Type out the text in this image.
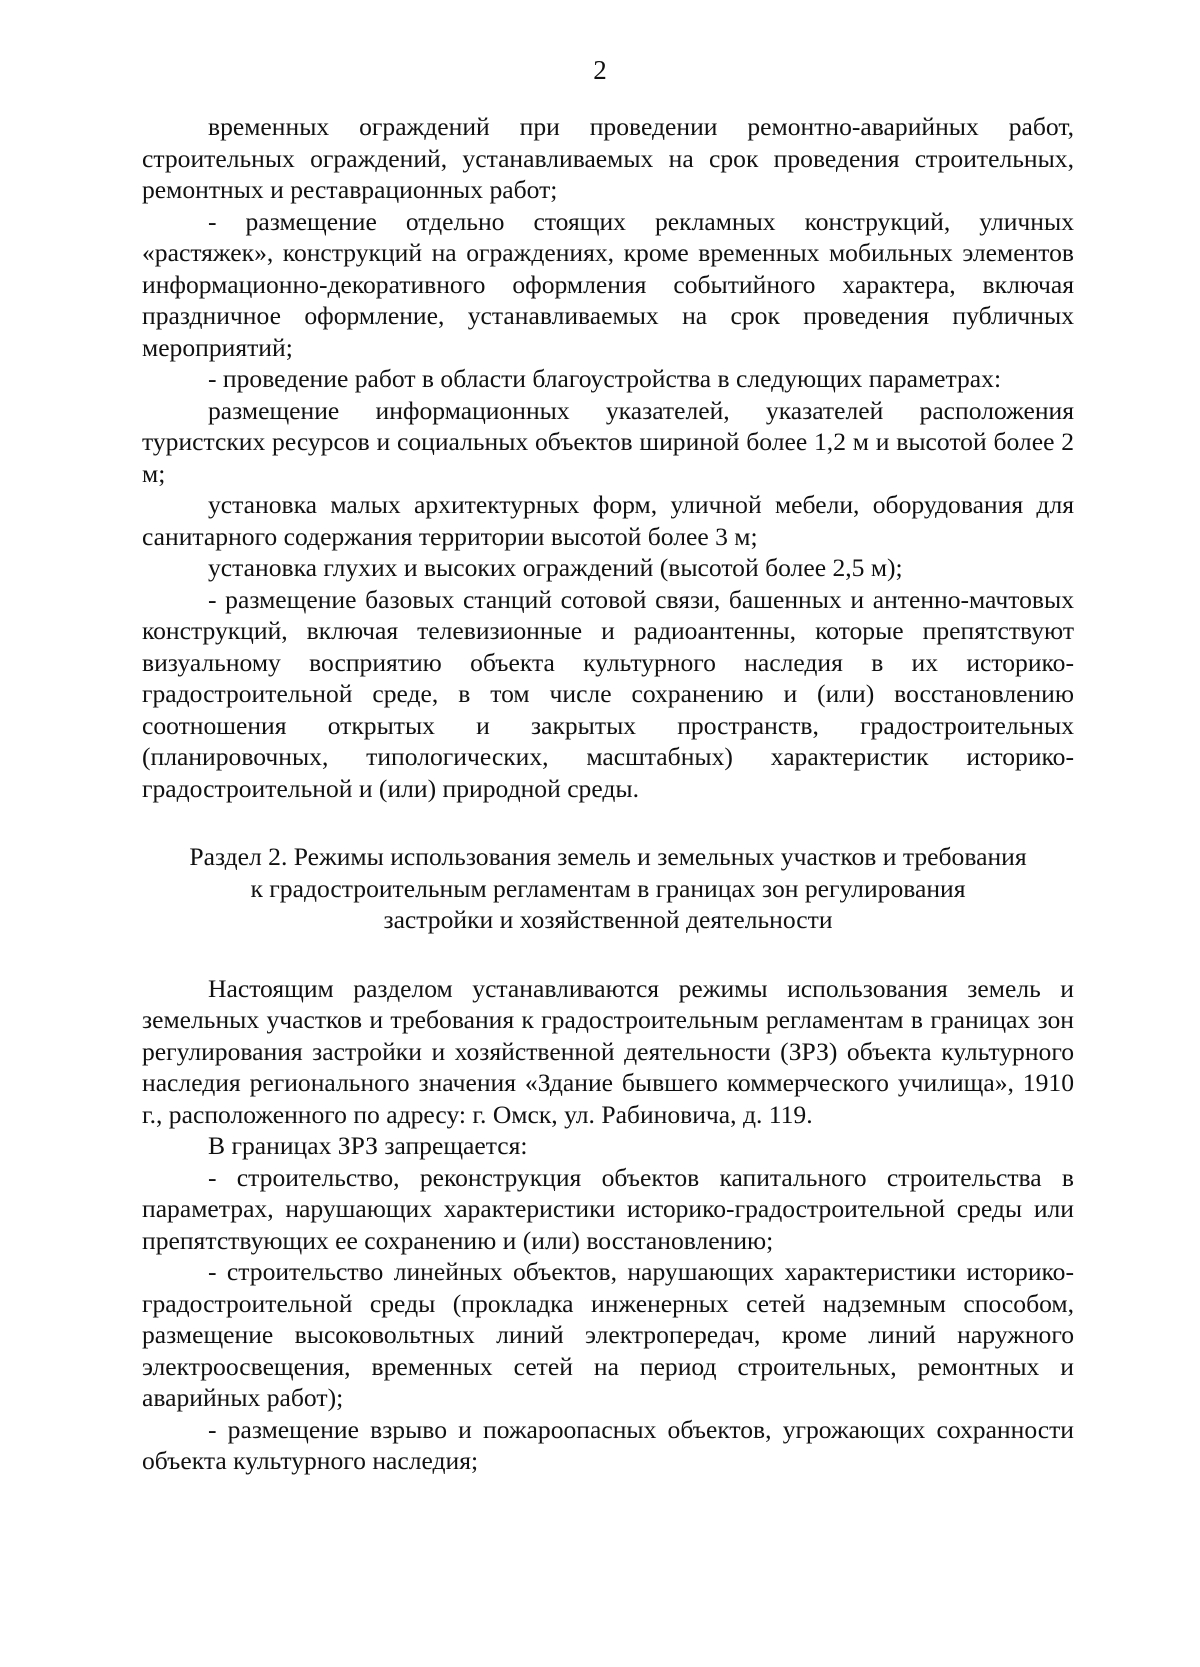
2

временных ограждений при проведении ремонтно-аварийных работ, строительных ограждений, устанавливаемых на срок проведения строительных, ремонтных и реставрационных работ;

- размещение отдельно стоящих рекламных конструкций, уличных «растяжек», конструкций на ограждениях, кроме временных мобильных элементов информационно-декоративного оформления событийного характера, включая праздничное оформление, устанавливаемых на срок проведения публичных мероприятий;

- проведение работ в области благоустройства в следующих параметрах:

размещение информационных указателей, указателей расположения туристских ресурсов и социальных объектов шириной более 1,2 м и высотой более 2 м;

установка малых архитектурных форм, уличной мебели, оборудования для санитарного содержания территории высотой более 3 м;

установка глухих и высоких ограждений (высотой более 2,5 м);

- размещение базовых станций сотовой связи, башенных и антенно-мачтовых конструкций, включая телевизионные и радиоантенны, которые препятствуют визуальному восприятию объекта культурного наследия в их историко-градостроительной среде, в том числе сохранению и (или) восстановлению соотношения открытых и закрытых пространств, градостроительных (планировочных, типологических, масштабных) характеристик историко-градостроительной и (или) природной среды.

Раздел 2. Режимы использования земель и земельных участков и требования
к градостроительным регламентам в границах зон регулирования
застройки и хозяйственной деятельности

Настоящим разделом устанавливаются режимы использования земель и земельных участков и требования к градостроительным регламентам в границах зон регулирования застройки и хозяйственной деятельности (ЗРЗ) объекта культурного наследия регионального значения «Здание бывшего коммерческого училища», 1910 г., расположенного по адресу: г. Омск, ул. Рабиновича, д. 119.

В границах ЗРЗ запрещается:

- строительство, реконструкция объектов капитального строительства в параметрах, нарушающих характеристики историко-градостроительной среды или препятствующих ее сохранению и (или) восстановлению;

- строительство линейных объектов, нарушающих характеристики историко-градостроительной среды (прокладка инженерных сетей надземным способом, размещение высоковольтных линий электропередач, кроме линий наружного электроосвещения, временных сетей на период строительных, ремонтных и аварийных работ);

- размещение взрыво и пожароопасных объектов, угрожающих сохранности объекта культурного наследия;
